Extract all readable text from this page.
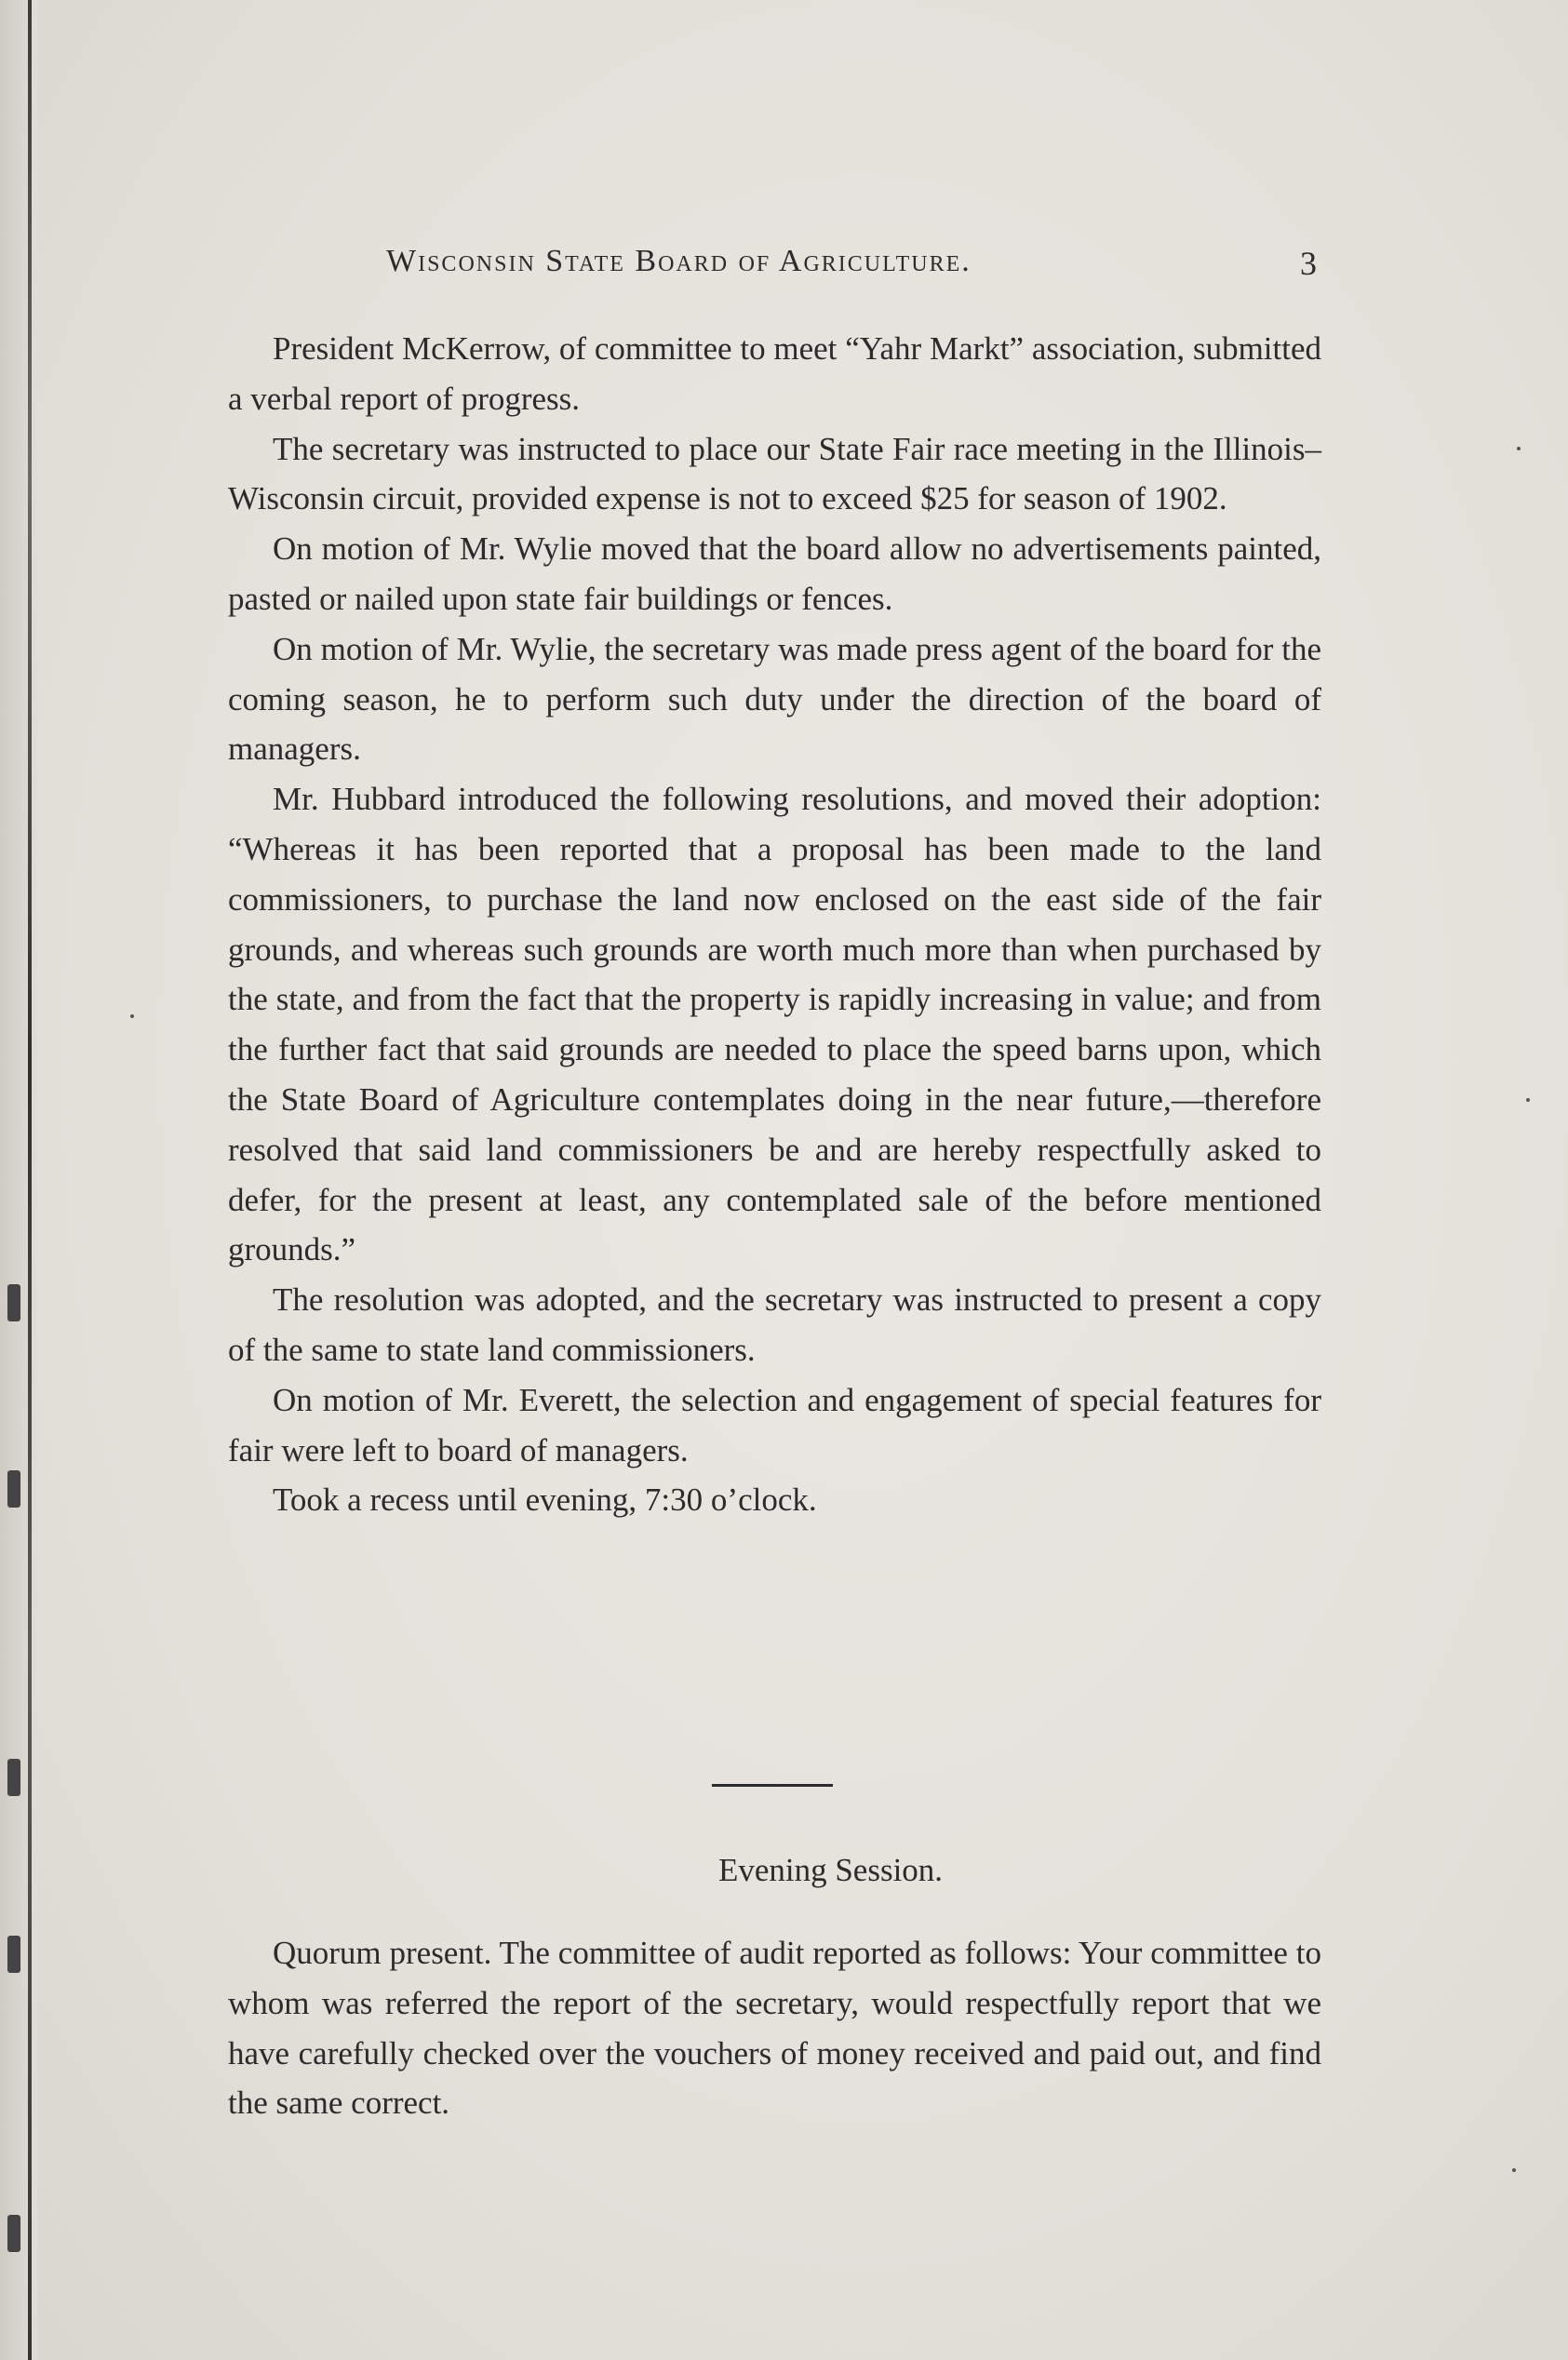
Wisconsin State Board of Agriculture.	3

President McKerrow, of committee to meet “Yahr Markt” association, submitted a verbal report of progress.

The secretary was instructed to place our State Fair race meeting in the Illinois–Wisconsin circuit, provided expense is not to exceed $25 for season of 1902.

On motion of Mr. Wylie moved that the board allow no advertisements painted, pasted or nailed upon state fair buildings or fences.

On motion of Mr. Wylie, the secretary was made press agent of the board for the coming season, he to perform such duty under the direction of the board of managers.

Mr. Hubbard introduced the following resolutions, and moved their adoption: “Whereas it has been reported that a proposal has been made to the land commissioners, to purchase the land now enclosed on the east side of the fair grounds, and whereas such grounds are worth much more than when purchased by the state, and from the fact that the property is rapidly increasing in value; and from the further fact that said grounds are needed to place the speed barns upon, which the State Board of Agriculture contemplates doing in the near future,—therefore resolved that said land commissioners be and are hereby respectfully asked to defer, for the present at least, any contemplated sale of the before mentioned grounds.”

The resolution was adopted, and the secretary was instructed to present a copy of the same to state land commissioners.

On motion of Mr. Everett, the selection and engagement of special features for fair were left to board of managers.

Took a recess until evening, 7:30 o’clock.

Evening Session.

Quorum present. The committee of audit reported as follows: Your committee to whom was referred the report of the secretary, would respectfully report that we have carefully checked over the vouchers of money received and paid out, and find the same correct.
